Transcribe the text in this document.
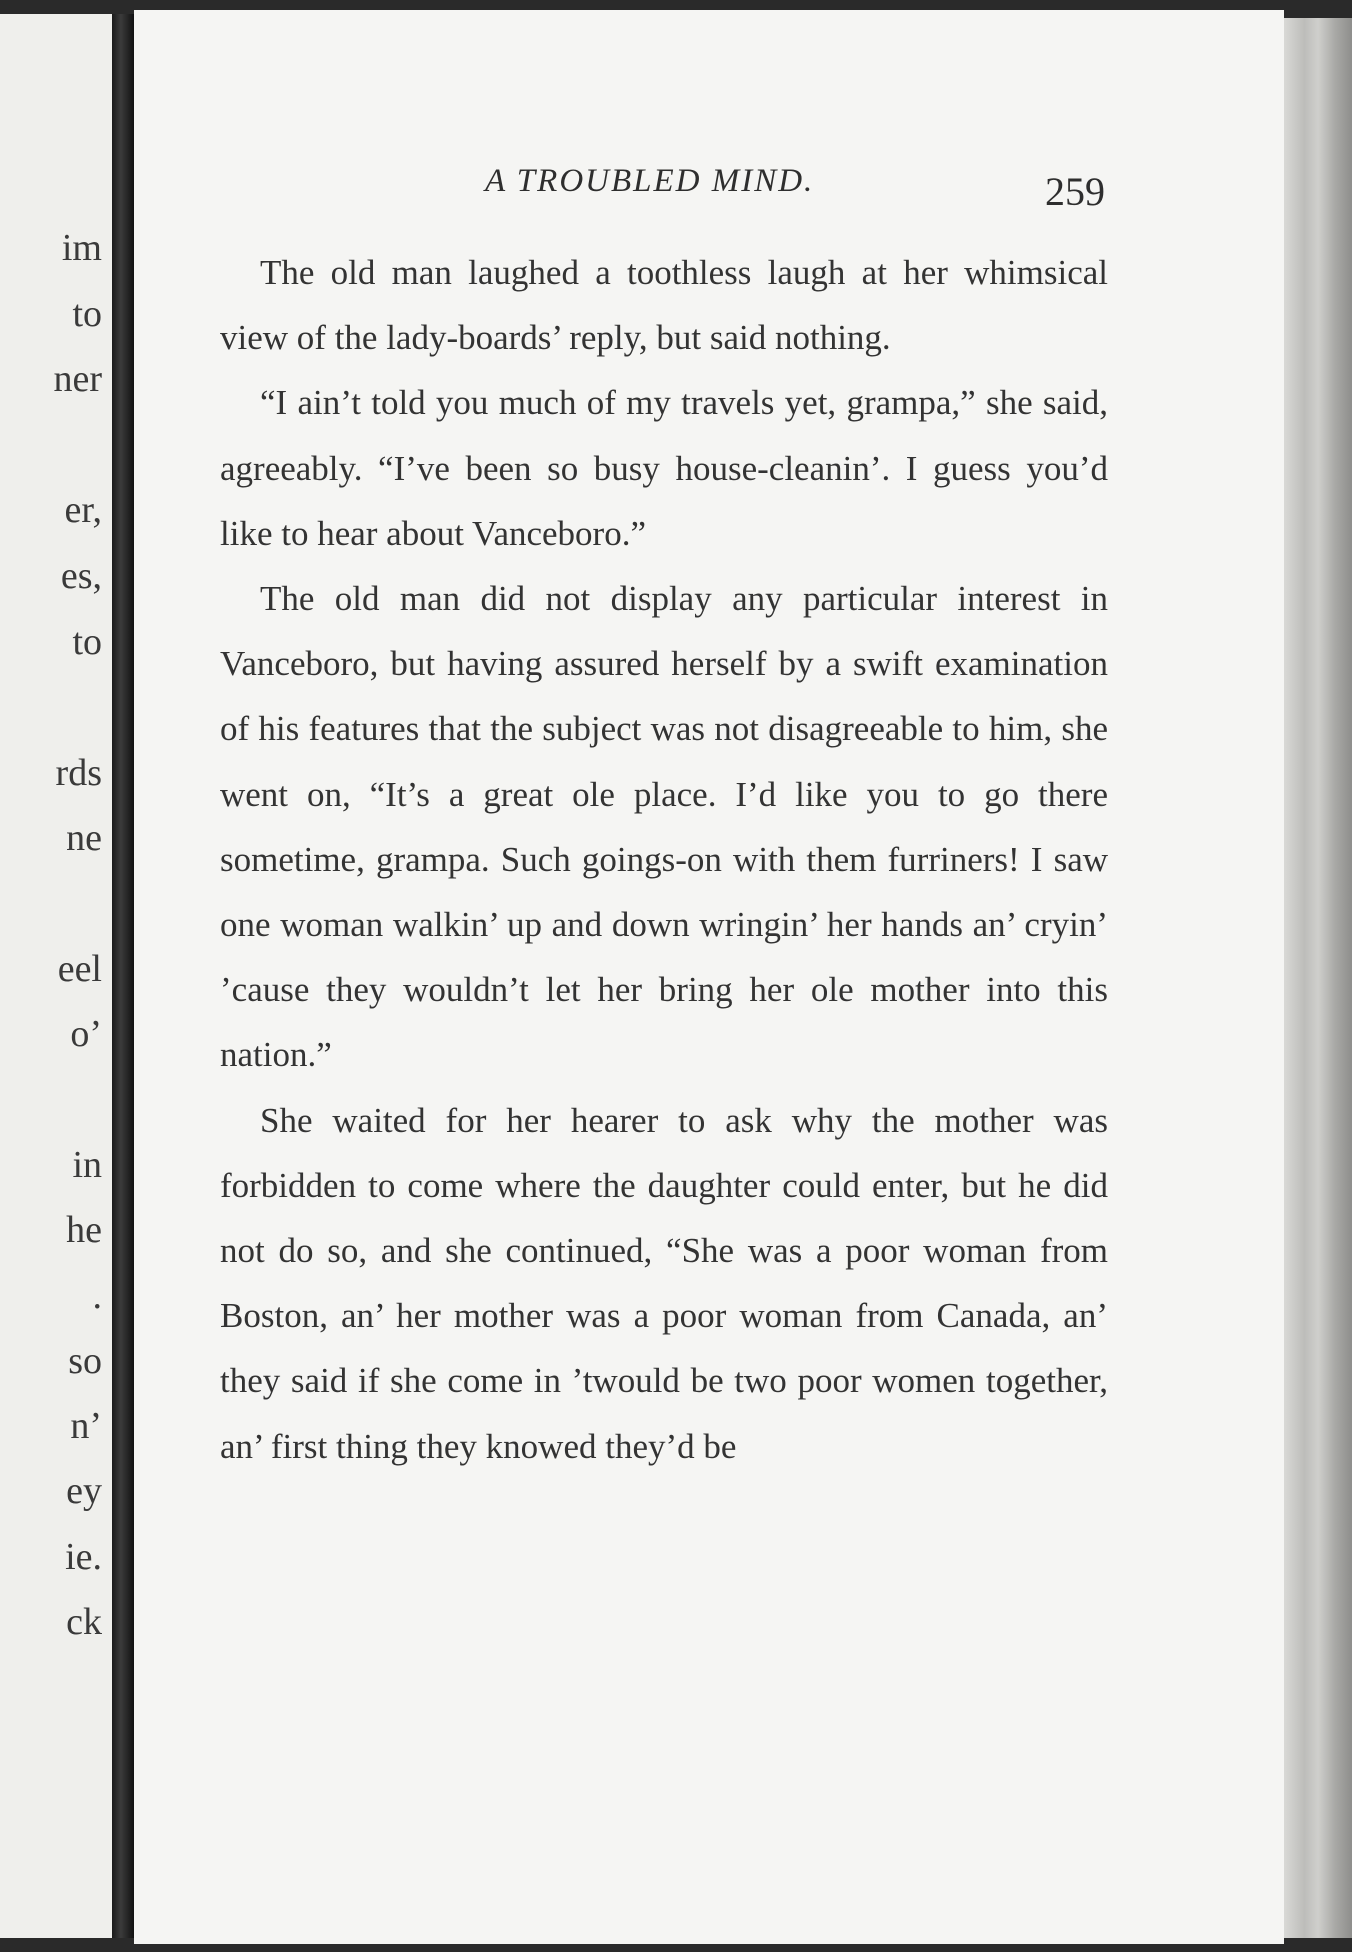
im
to
ner
er,
es,
to
rds
ne
eel
o’
in
he
.
so
n’
ey
ie.
ck
A TROUBLED MIND.	259

The old man laughed a toothless laugh at her whimsical view of the lady-boards’ reply, but said nothing.

“I ain’t told you much of my travels yet, grampa,” she said, agreeably. “I’ve been so busy house-cleanin’. I guess you’d like to hear about Vanceboro.”

The old man did not display any particular interest in Vanceboro, but having assured herself by a swift examination of his features that the subject was not disagreeable to him, she went on, “It’s a great ole place. I’d like you to go there sometime, grampa. Such goings-on with them furriners! I saw one woman walkin’ up and down wringin’ her hands an’ cryin’ ’cause they wouldn’t let her bring her ole mother into this nation.”

She waited for her hearer to ask why the mother was forbidden to come where the daughter could enter, but he did not do so, and she continued, “She was a poor woman from Boston, an’ her mother was a poor woman from Canada, an’ they said if she come in ’twould be two poor women together, an’ first thing they knowed they’d be
